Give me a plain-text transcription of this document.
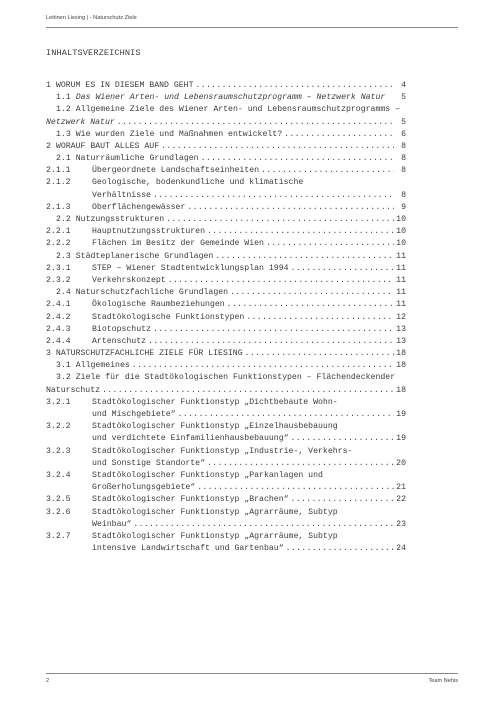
Lettinen Liesing | - Naturschutz Ziele
INHALTSVERZEICHNIS
1 WORUM ES IN DIESEM BAND GEHT . . .	4
1.1 Das Wiener Arten- und Lebensraumschutzprogramm – Netzwerk Natur	5
1.2 Allgemeine Ziele des Wiener Arten- und Lebensraumschutzprogramms –
Netzwerk Natur . . .	5
1.3 Wie wurden Ziele und Maßnahmen entwickelt? . . .	6
2 WORAUF BAUT ALLES AUF . . .	8
2.1 Naturräumliche Grundlagen . . .	8
2.1.1	Übergeordnete Landschaftseinheiten . . .	8
2.1.2	Geologische, bodenkundliche und klimatische
Verhältnisse . . .	8
2.1.3	Oberflächengewässer . . .	9
2.2 Nutzungsstrukturen . . .	10
2.2.1	Hauptnutzungsstrukturen . . .	10
2.2.2	Flächen im Besitz der Gemeinde Wien . . .	10
2.3 Städteplanerische Grundlagen . . .	11
2.3.1	STEP – Wiener Stadtentwicklungsplan 1994 . . .	11
2.3.2	Verkehrskonzept . . .	11
2.4 Naturschutzfachliche Grundlagen . . .	11
2.4.1	Ökologische Raumbeziehungen . . .	11
2.4.2	Stadtökologische Funktionstypen . . .	12
2.4.3	Biotopschutz . . .	13
2.4.4	Artenschutz . . .	13
3 NATURSCHUTZFACHLICHE ZIELE FÜR LIESING . . .	18
3.1 Allgemeines . . .	18
3.2 Ziele für die Stadtökologischen Funktionstypen – Flächendeckender
Naturschutz . . .	18
3.2.1	Stadtökologischer Funktionstyp „Dichtbebaute Wohn-
und Mischgebiete“ . . .	19
3.2.2	Stadtökologischer Funktionstyp „Einzelhausbebauung
und verdichtete Einfamilienhausbebauung“ . . .	19
3.2.3	Stadtökologischer Funktionstyp „Industrie-, Verkehrs-
und Sonstige Standorte“ . . .	20
3.2.4	Stadtökologischer Funktionstyp „Parkanlagen und
Großerholungsgebiete“ . . .	21
3.2.5	Stadtökologischer Funktionstyp „Brachen“ . . .	22
3.2.6	Stadtökologischer Funktionstyp „Agrarräume, Subtyp
Weinbau“ . . .	23
3.2.7	Stadtökologischer Funktionstyp „Agrarräume, Subtyp
intensive Landwirtschaft und Gartenbau“ . . .	24
2	Team Nehis
